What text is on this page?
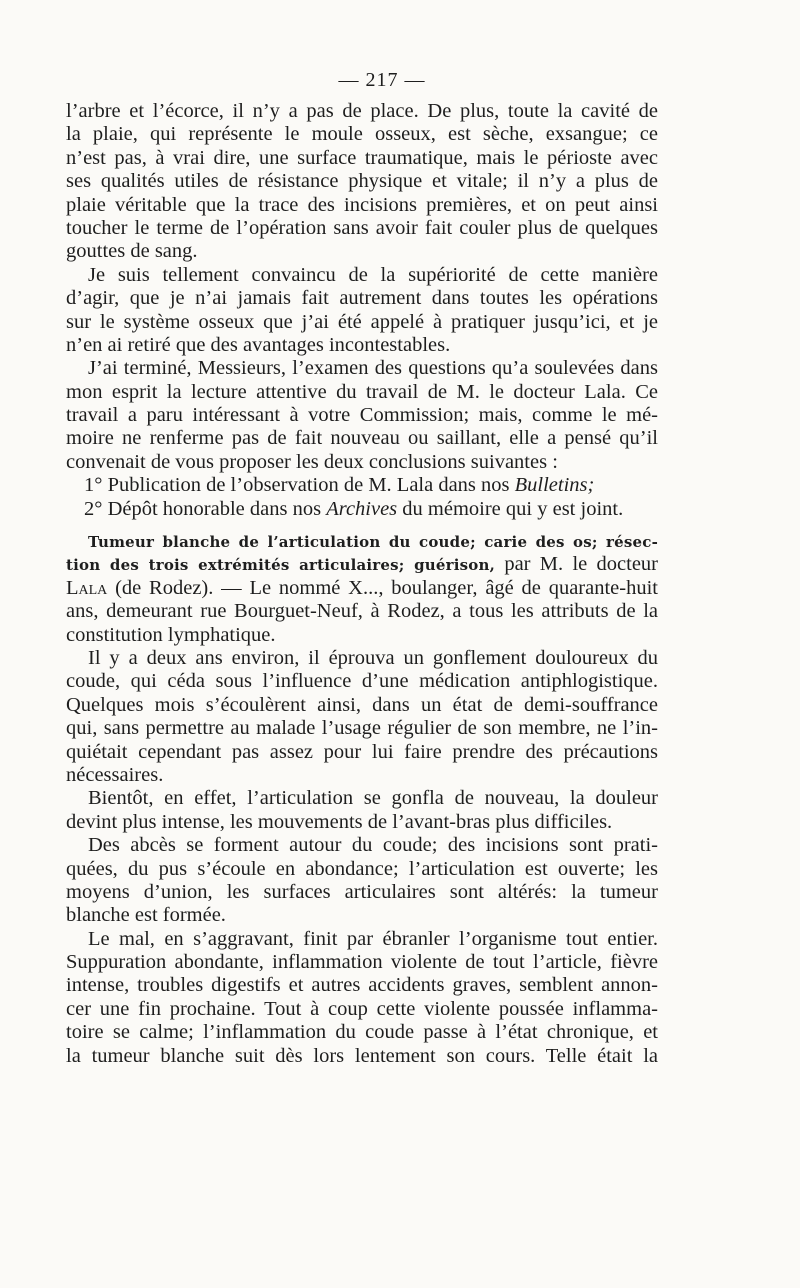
— 217 —
l’arbre et l’écorce, il n’y a pas de place. De plus, toute la cavité de
la plaie, qui représente le moule osseux, est sèche, exsangue; ce
n’est pas, à vrai dire, une surface traumatique, mais le périoste avec
ses qualités utiles de résistance physique et vitale; il n’y a plus de
plaie véritable que la trace des incisions premières, et on peut ainsi
toucher le terme de l’opération sans avoir fait couler plus de quelques
gouttes de sang.
Je suis tellement convaincu de la supériorité de cette manière
d’agir, que je n’ai jamais fait autrement dans toutes les opérations
sur le système osseux que j’ai été appelé à pratiquer jusqu’ici, et je
n’en ai retiré que des avantages incontestables.
J’ai terminé, Messieurs, l’examen des questions qu’a soulevées dans
mon esprit la lecture attentive du travail de M. le docteur Lala. Ce
travail a paru intéressant à votre Commission; mais, comme le mé-
moire ne renferme pas de fait nouveau ou saillant, elle a pensé qu’il
convenait de vous proposer les deux conclusions suivantes :
1° Publication de l’observation de M. Lala dans nos Bulletins;
2° Dépôt honorable dans nos Archives du mémoire qui y est joint.
Tumeur blanche de l’articulation du coude; carie des os; résec-
tion des trois extrémités articulaires; guérison, par M. le docteur
Lala (de Rodez). — Le nommé X..., boulanger, âgé de quarante-huit
ans, demeurant rue Bourguet-Neuf, à Rodez, a tous les attributs de la
constitution lymphatique.
Il y a deux ans environ, il éprouva un gonflement douloureux du
coude, qui céda sous l’influence d’une médication antiphlogistique.
Quelques mois s’écoulèrent ainsi, dans un état de demi-souffrance
qui, sans permettre au malade l’usage régulier de son membre, ne l’in-
quiétait cependant pas assez pour lui faire prendre des précautions
nécessaires.
Bientôt, en effet, l’articulation se gonfla de nouveau, la douleur
devint plus intense, les mouvements de l’avant-bras plus difficiles.
Des abcès se forment autour du coude; des incisions sont prati-
quées, du pus s’écoule en abondance; l’articulation est ouverte; les
moyens d’union, les surfaces articulaires sont altérés: la tumeur
blanche est formée.
Le mal, en s’aggravant, finit par ébranler l’organisme tout entier.
Suppuration abondante, inflammation violente de tout l’article, fièvre
intense, troubles digestifs et autres accidents graves, semblent annon-
cer une fin prochaine. Tout à coup cette violente poussée inflamma-
toire se calme; l’inflammation du coude passe à l’état chronique, et
la tumeur blanche suit dès lors lentement son cours. Telle était la
